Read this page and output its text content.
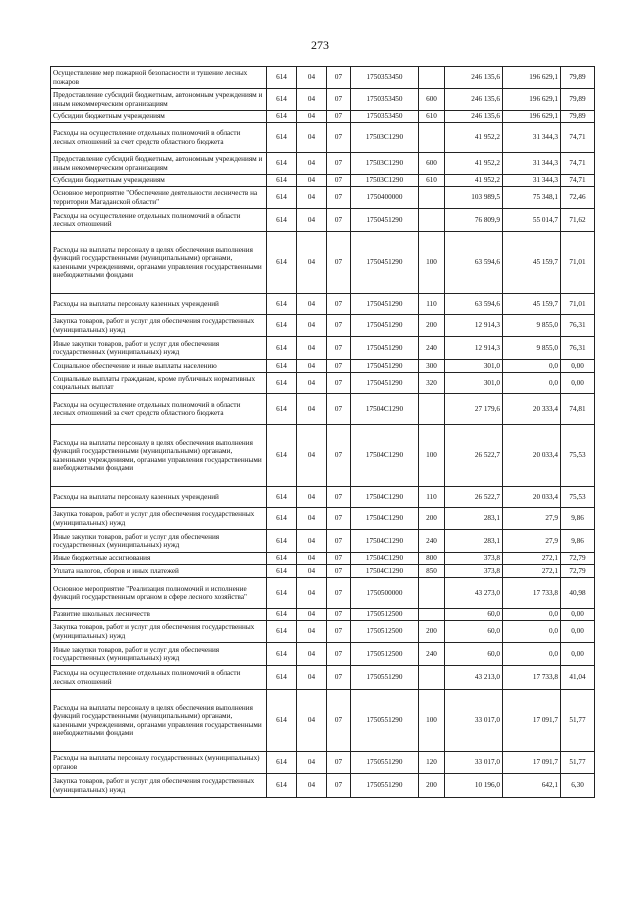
273
Осуществление мер пожарной безопасности и тушение лесных пожаров	614	04	07	1750353450		246 135,6	196 629,1	79,89
Предоставление субсидий бюджетным, автономным учреждениям и иным некоммерческим организациям	614	04	07	1750353450	600	246 135,6	196 629,1	79,89
Субсидии бюджетным учреждениям	614	04	07	1750353450	610	246 135,6	196 629,1	79,89
Расходы на осуществление отдельных полномочий в области лесных отношений за счет средств областного бюджета	614	04	07	17503С1290		41 952,2	31 344,3	74,71
Предоставление субсидий бюджетным, автономным учреждениям и иным некоммерческим организациям	614	04	07	17503С1290	600	41 952,2	31 344,3	74,71
Субсидии бюджетным учреждениям	614	04	07	17503С1290	610	41 952,2	31 344,3	74,71
Основное мероприятие "Обеспечение деятельности лесничеств на территории Магаданской области"	614	04	07	1750400000		103 989,5	75 348,1	72,46
Расходы на осуществление отдельных полномочий в области лесных отношений	614	04	07	1750451290		76 809,9	55 014,7	71,62
Расходы на выплаты персоналу в целях обеспечения выполнения функций государственными (муниципальными) органами, казенными учреждениями, органами управления государственными внебюджетными фондами	614	04	07	1750451290	100	63 594,6	45 159,7	71,01
Расходы на выплаты персоналу казенных учреждений	614	04	07	1750451290	110	63 594,6	45 159,7	71,01
Закупка товаров, работ и услуг для обеспечения государственных (муниципальных) нужд	614	04	07	1750451290	200	12 914,3	9 855,0	76,31
Иные закупки товаров, работ и услуг для обеспечения государственных (муниципальных) нужд	614	04	07	1750451290	240	12 914,3	9 855,0	76,31
Социальное обеспечение и иные выплаты населению	614	04	07	1750451290	300	301,0	0,0	0,00
Социальные выплаты гражданам, кроме публичных нормативных социальных выплат	614	04	07	1750451290	320	301,0	0,0	0,00
Расходы на осуществление отдельных полномочий в области лесных отношений за счет средств областного бюджета	614	04	07	17504С1290		27 179,6	20 333,4	74,81
Расходы на выплаты персоналу в целях обеспечения выполнения функций государственными (муниципальными) органами, казенными учреждениями, органами управления государственными внебюджетными фондами	614	04	07	17504С1290	100	26 522,7	20 033,4	75,53
Расходы на выплаты персоналу казенных учреждений	614	04	07	17504С1290	110	26 522,7	20 033,4	75,53
Закупка товаров, работ и услуг для обеспечения государственных (муниципальных) нужд	614	04	07	17504С1290	200	283,1	27,9	9,86
Иные закупки товаров, работ и услуг для обеспечения государственных (муниципальных) нужд	614	04	07	17504С1290	240	283,1	27,9	9,86
Иные бюджетные ассигнования	614	04	07	17504С1290	800	373,8	272,1	72,79
Уплата налогов, сборов и иных платежей	614	04	07	17504С1290	850	373,8	272,1	72,79
Основное мероприятие "Реализация полномочий и исполнение функций государственным органом в сфере лесного хозяйства"	614	04	07	1750500000		43 273,0	17 733,8	40,98
Развитие школьных лесничеств	614	04	07	1750512500		60,0	0,0	0,00
Закупка товаров, работ и услуг для обеспечения государственных (муниципальных) нужд	614	04	07	1750512500	200	60,0	0,0	0,00
Иные закупки товаров, работ и услуг для обеспечения государственных (муниципальных) нужд	614	04	07	1750512500	240	60,0	0,0	0,00
Расходы на осуществление отдельных полномочий в области лесных отношений	614	04	07	1750551290		43 213,0	17 733,8	41,04
Расходы на выплаты персоналу в целях обеспечения выполнения функций государственными (муниципальными) органами, казенными учреждениями, органами управления государственными внебюджетными фондами	614	04	07	1750551290	100	33 017,0	17 091,7	51,77
Расходы на выплаты персоналу государственных (муниципальных) органов	614	04	07	1750551290	120	33 017,0	17 091,7	51,77
Закупка товаров, работ и услуг для обеспечения государственных (муниципальных) нужд	614	04	07	1750551290	200	10 196,0	642,1	6,30
